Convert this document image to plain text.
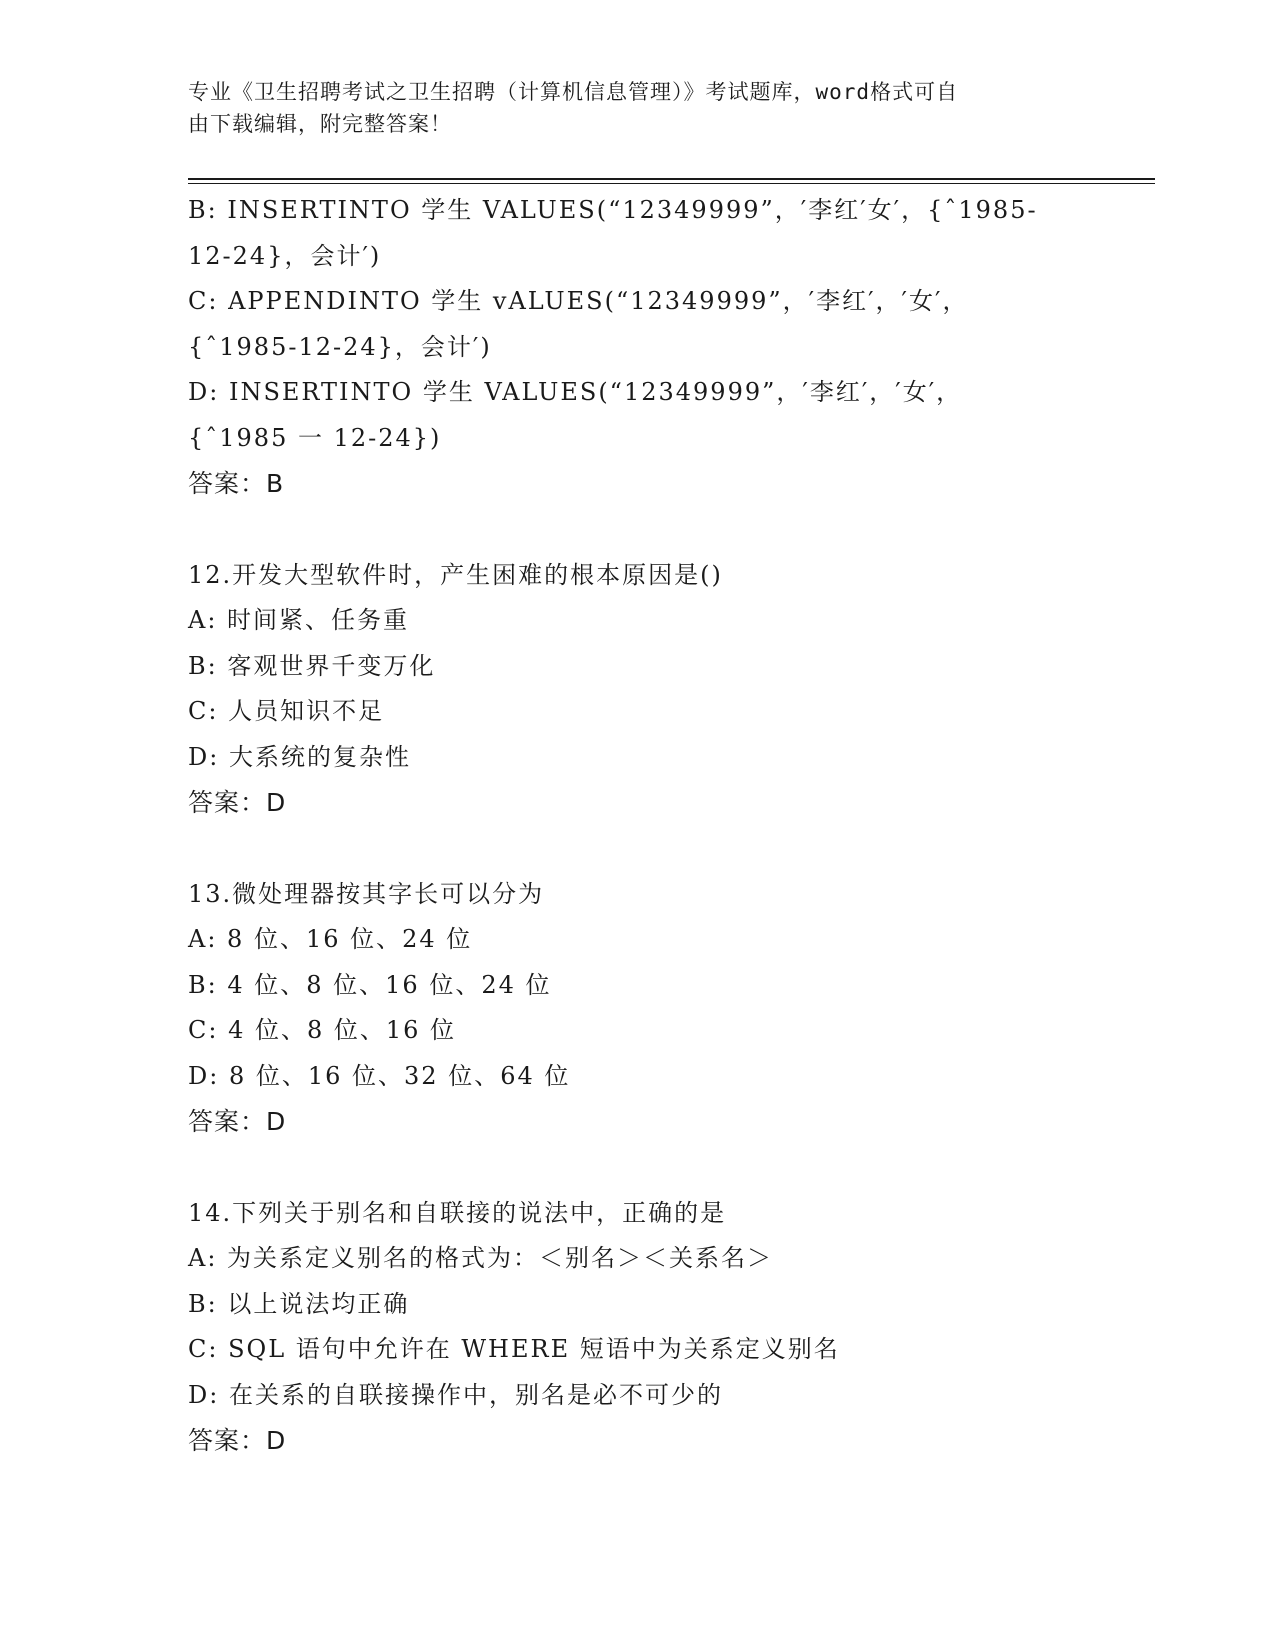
专业《卫生招聘考试之卫生招聘（计算机信息管理）》考试题库，word格式可自
由下载编辑，附完整答案！
B: INSERTINTO 学生 VALUES(“12349999”，′李红′女′，{ˆ1985-
12-24}，会计′)
C: APPENDINTO 学生 vALUES(“12349999”，′李红′，′女′，
{ˆ1985-12-24}，会计′)
D: INSERTINTO 学生 VALUES(“12349999”，′李红′，′女′，
{ˆ1985 一 12-24})
答案：B
12.开发大型软件时，产生困难的根本原因是()
A: 时间紧、任务重
B: 客观世界千变万化
C: 人员知识不足
D: 大系统的复杂性
答案：D
13.微处理器按其字长可以分为
A: 8 位、16 位、24 位
B: 4 位、8 位、16 位、24 位
C: 4 位、8 位、16 位
D: 8 位、16 位、32 位、64 位
答案：D
14.下列关于别名和自联接的说法中，正确的是
A: 为关系定义别名的格式为：＜别名＞＜关系名＞
B: 以上说法均正确
C: SQL 语句中允许在 WHERE 短语中为关系定义别名
D: 在关系的自联接操作中，别名是必不可少的
答案：D
